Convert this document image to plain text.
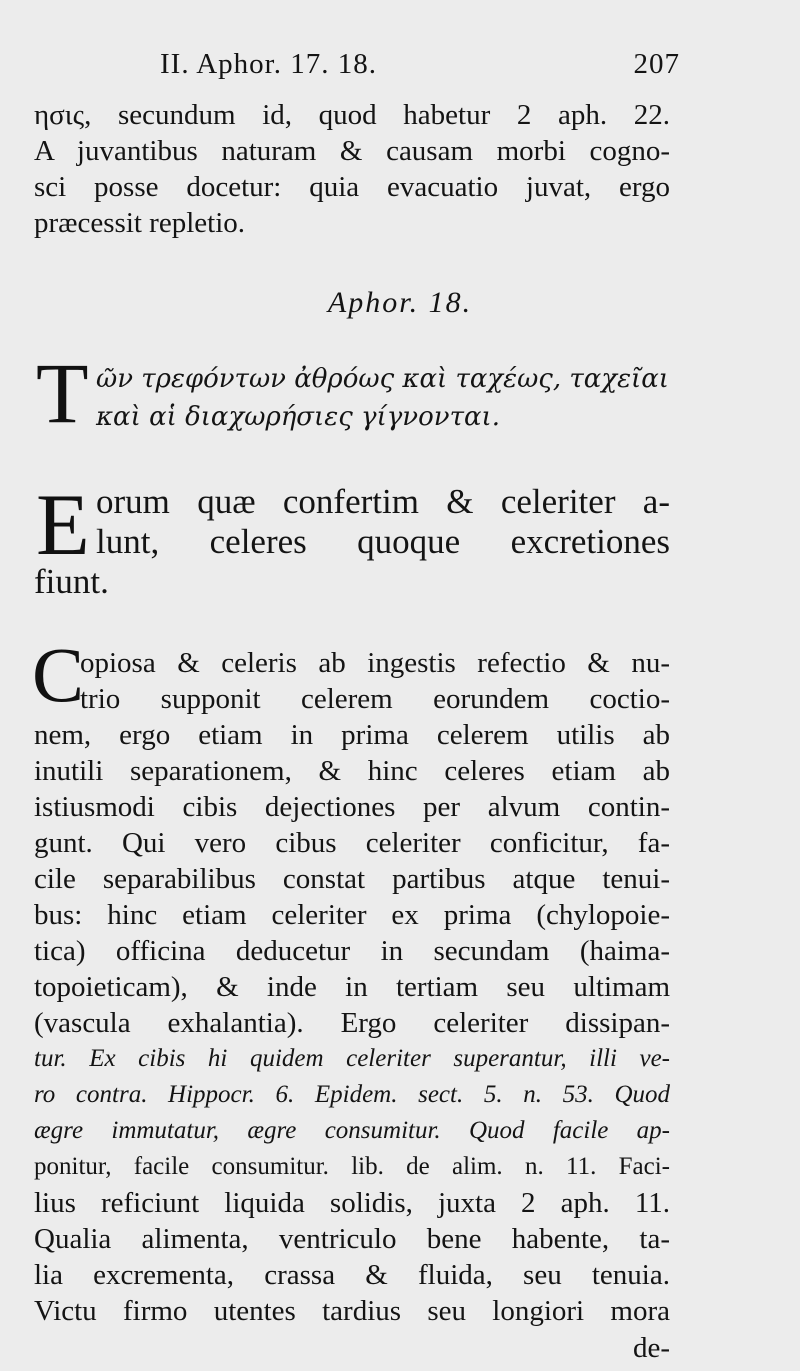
II. Aphor. 17. 18.	207
ησις, secundum id, quod habetur 2 aph. 22.
A juvantibus naturam & causam morbi cogno-
sci posse docetur: quia evacuatio juvat, ergo
præcessit repletio.
Aphor. 18.
T ῶν τρεφόντων ἀθρόως καὶ ταχέως, ταχεῖαι
καὶ αἱ διαχωρήσιες γίγνονται.
E orum quæ confertim & celeriter a-
lunt, celeres quoque excretiones
fiunt.
C
opiosa & celeris ab ingestis refectio & nu-
trio supponit celerem eorundem coctio-
nem, ergo etiam in prima celerem utilis ab
inutili separationem, & hinc celeres etiam ab
istiusmodi cibis dejectiones per alvum contin-
gunt. Qui vero cibus celeriter conficitur, fa-
cile separabilibus constat partibus atque tenui-
bus: hinc etiam celeriter ex prima (chylopoie-
tica) officina deducetur in secundam (haima-
topoieticam), & inde in tertiam seu ultimam
(vascula exhalantia). Ergo celeriter dissipan-
tur. Ex cibis hi quidem celeriter superantur, illi ve-
ro contra. Hippocr. 6. Epidem. sect. 5. n. 53. Quod
ægre immutatur, ægre consumitur. Quod facile ap-
ponitur, facile consumitur. lib. de alim. n. 11. Faci-
lius reficiunt liquida solidis, juxta 2 aph. 11.
Qualia alimenta, ventriculo bene habente, ta-
lia excrementa, crassa & fluida, seu tenuia.
Victu firmo utentes tardius seu longiori mora
de-
